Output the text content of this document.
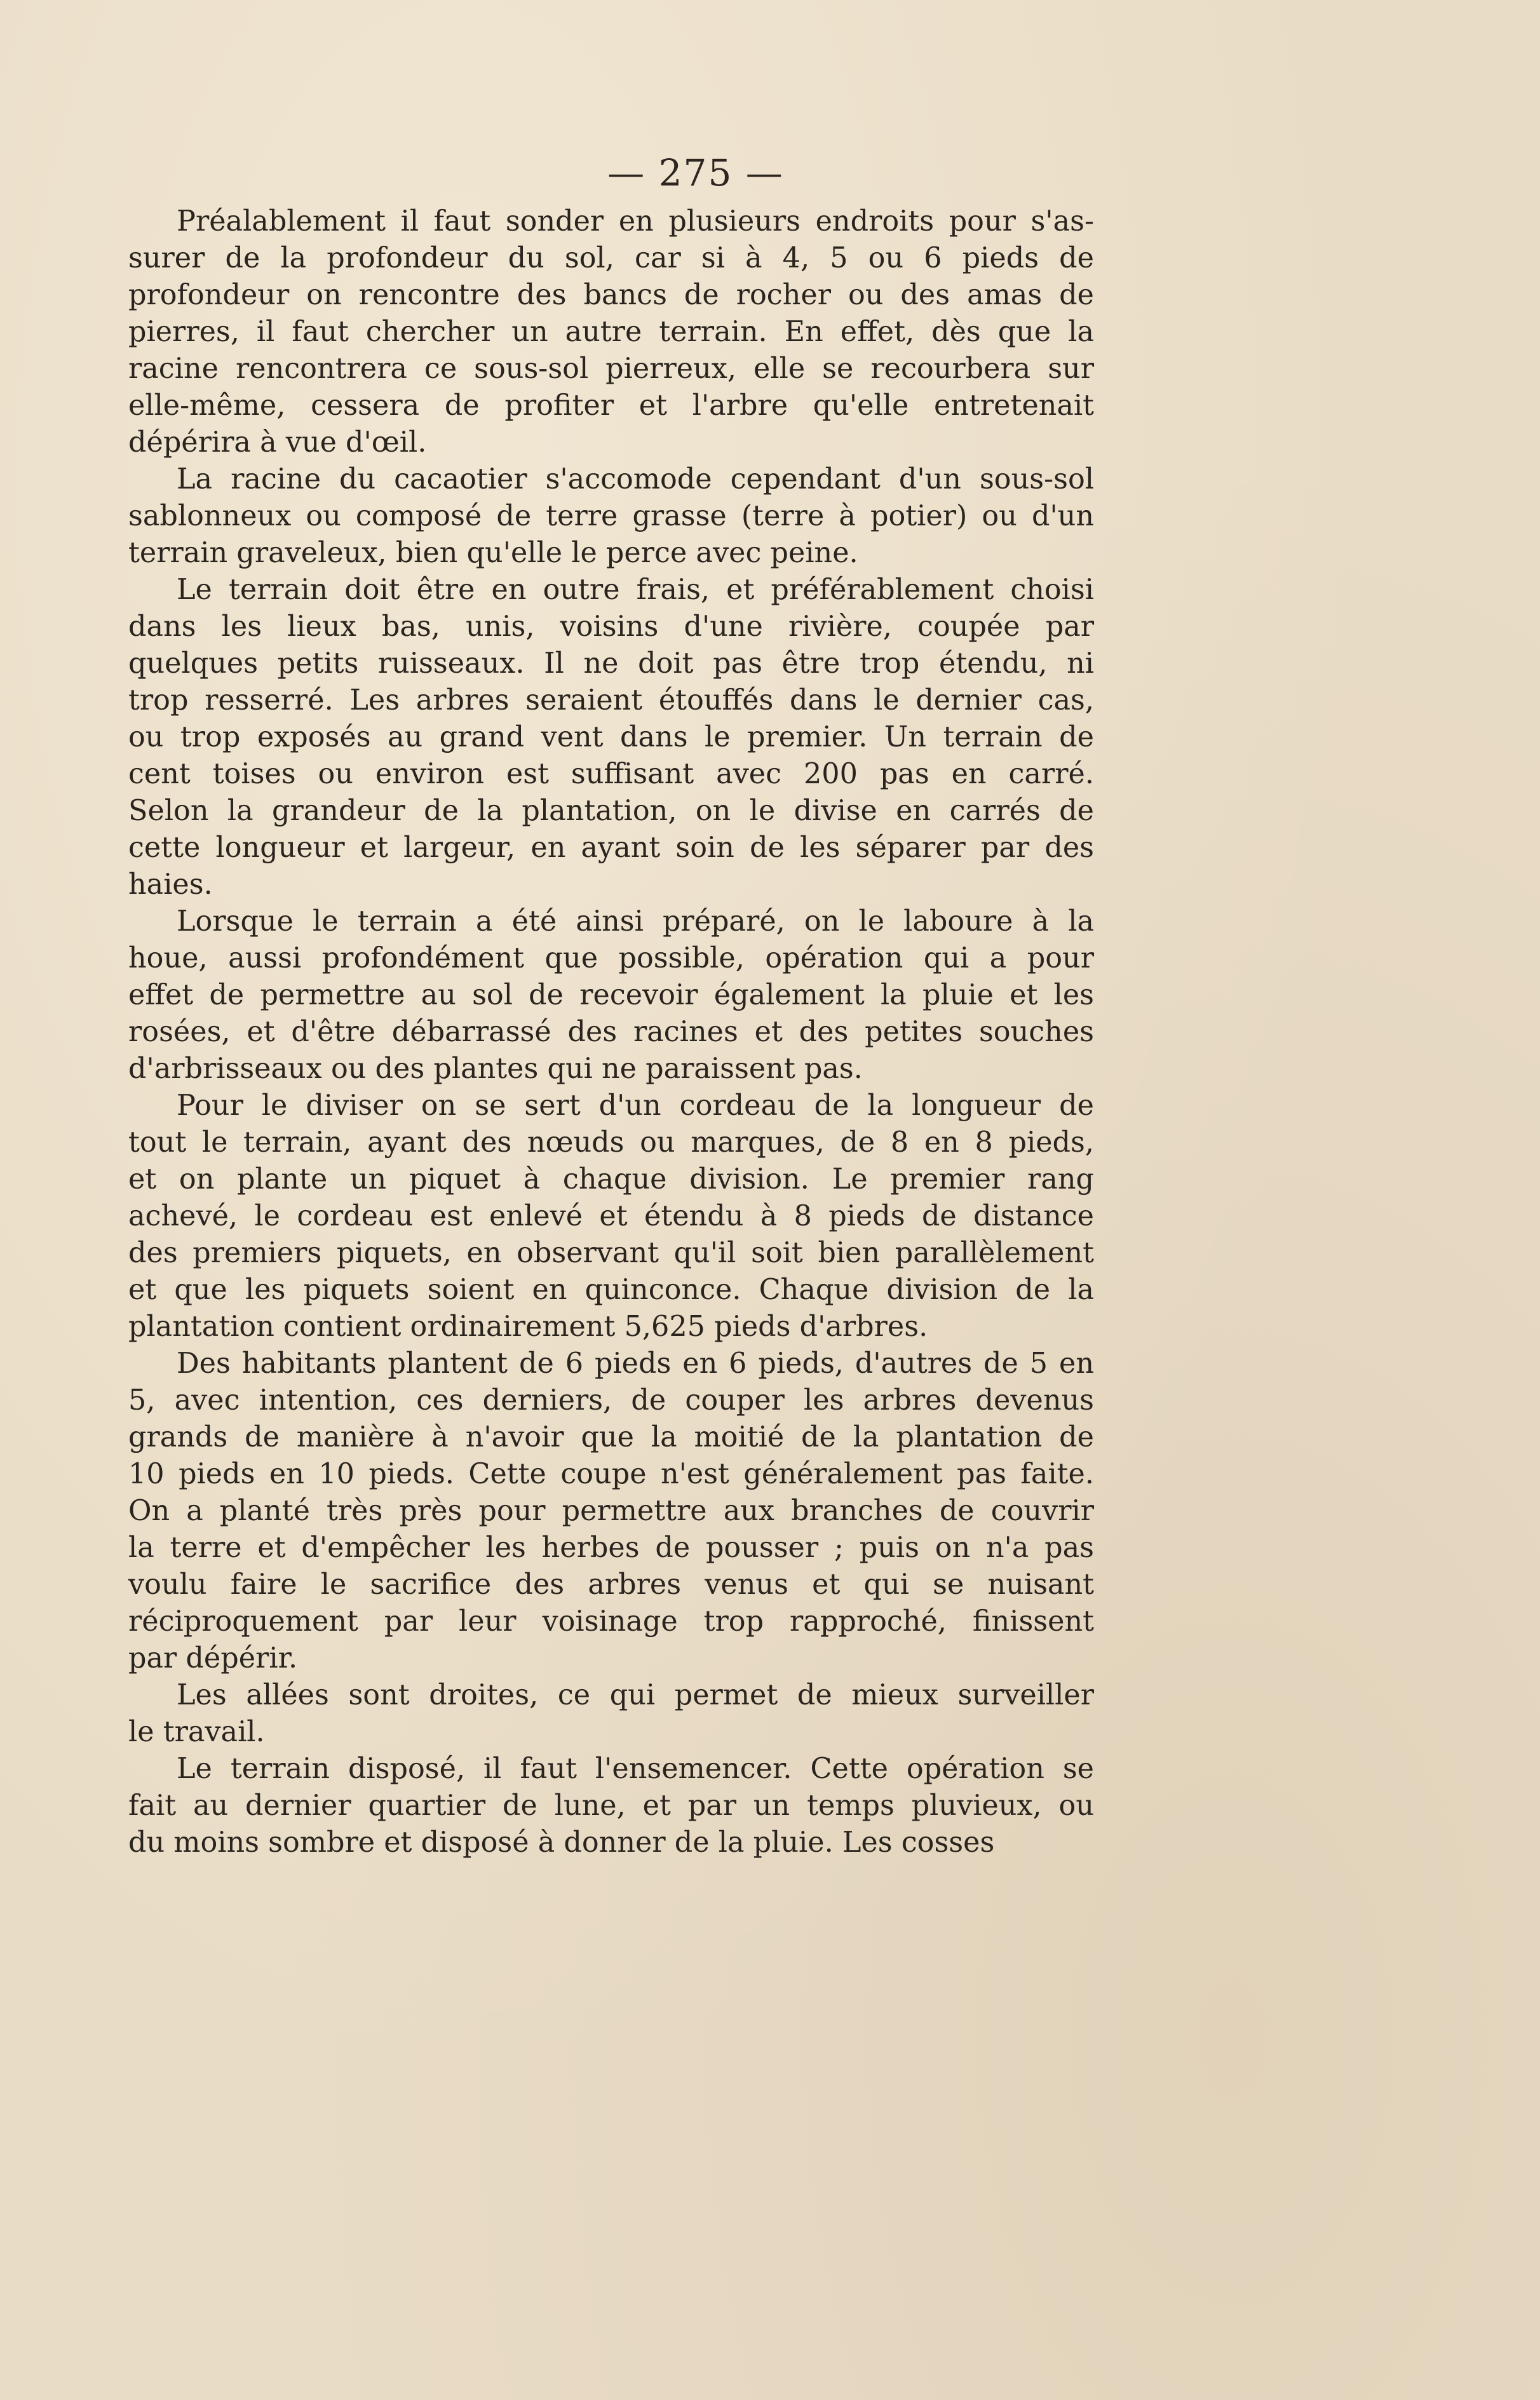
— 275 —
Préalablement il faut sonder en plusieurs endroits pour s'as-
surer de la profondeur du sol, car si à 4, 5 ou 6 pieds de
profondeur on rencontre des bancs de rocher ou des amas de
pierres, il faut chercher un autre terrain. En effet, dès que la
racine rencontrera ce sous-sol pierreux, elle se recourbera sur
elle-même, cessera de profiter et l'arbre qu'elle entretenait
dépérira à vue d'œil.
La racine du cacaotier s'accomode cependant d'un sous-sol
sablonneux ou composé de terre grasse (terre à potier) ou d'un
terrain graveleux, bien qu'elle le perce avec peine.
Le terrain doit être en outre frais, et préférablement choisi
dans les lieux bas, unis, voisins d'une rivière, coupée par
quelques petits ruisseaux. Il ne doit pas être trop étendu, ni
trop resserré. Les arbres seraient étouffés dans le dernier cas,
ou trop exposés au grand vent dans le premier. Un terrain de
cent toises ou environ est suffisant avec 200 pas en carré.
Selon la grandeur de la plantation, on le divise en carrés de
cette longueur et largeur, en ayant soin de les séparer par des
haies.
Lorsque le terrain a été ainsi préparé, on le laboure à la
houe, aussi profondément que possible, opération qui a pour
effet de permettre au sol de recevoir également la pluie et les
rosées, et d'être débarrassé des racines et des petites souches
d'arbrisseaux ou des plantes qui ne paraissent pas.
Pour le diviser on se sert d'un cordeau de la longueur de
tout le terrain, ayant des nœuds ou marques, de 8 en 8 pieds,
et on plante un piquet à chaque division. Le premier rang
achevé, le cordeau est enlevé et étendu à 8 pieds de distance
des premiers piquets, en observant qu'il soit bien parallèlement
et que les piquets soient en quinconce. Chaque division de la
plantation contient ordinairement 5,625 pieds d'arbres.
Des habitants plantent de 6 pieds en 6 pieds, d'autres de 5 en
5, avec intention, ces derniers, de couper les arbres devenus
grands de manière à n'avoir que la moitié de la plantation de
10 pieds en 10 pieds. Cette coupe n'est généralement pas faite.
On a planté très près pour permettre aux branches de couvrir
la terre et d'empêcher les herbes de pousser ; puis on n'a pas
voulu faire le sacrifice des arbres venus et qui se nuisant
réciproquement par leur voisinage trop rapproché, finissent
par dépérir.
Les allées sont droites, ce qui permet de mieux surveiller
le travail.
Le terrain disposé, il faut l'ensemencer. Cette opération se
fait au dernier quartier de lune, et par un temps pluvieux, ou
du moins sombre et disposé à donner de la pluie. Les cosses
